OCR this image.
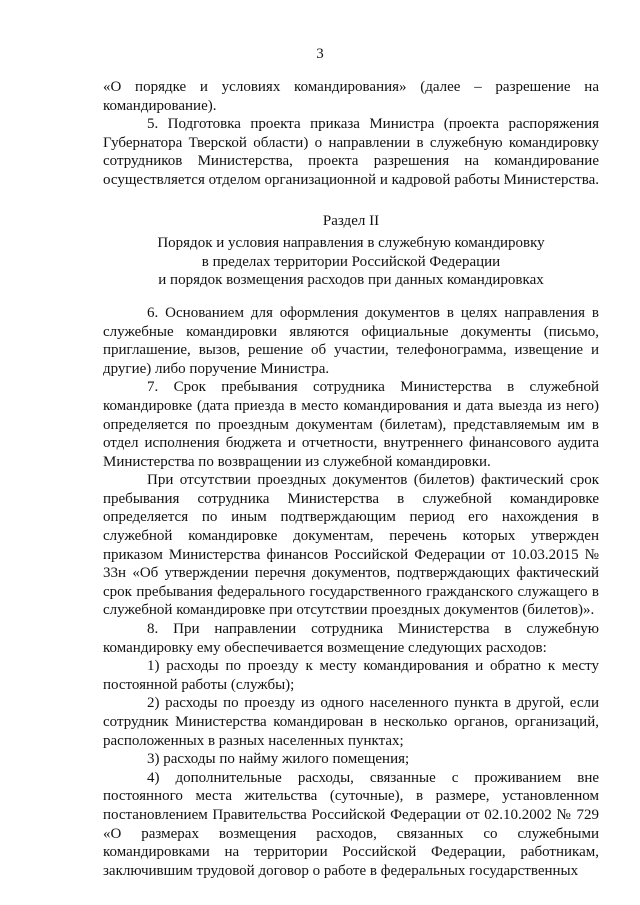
3

«О порядке и условиях командирования» (далее – разрешение на командирование).

5. Подготовка проекта приказа Министра (проекта распоряжения Губернатора Тверской области) о направлении в служебную командировку сотрудников Министерства, проекта разрешения на командирование осуществляется отделом организационной и кадровой работы Министерства.

Раздел II
Порядок и условия направления в служебную командировку
в пределах территории Российской Федерации
и порядок возмещения расходов при данных командировках

6. Основанием для оформления документов в целях направления в служебные командировки являются официальные документы (письмо, приглашение, вызов, решение об участии, телефонограмма, извещение и другие) либо поручение Министра.

7. Срок пребывания сотрудника Министерства в служебной командировке (дата приезда в место командирования и дата выезда из него) определяется по проездным документам (билетам), представляемым им в отдел исполнения бюджета и отчетности, внутреннего финансового аудита Министерства по возвращении из служебной командировки.

При отсутствии проездных документов (билетов) фактический срок пребывания сотрудника Министерства в служебной командировке определяется по иным подтверждающим период его нахождения в служебной командировке документам, перечень которых утвержден приказом Министерства финансов Российской Федерации от 10.03.2015 № 33н «Об утверждении перечня документов, подтверждающих фактический срок пребывания федерального государственного гражданского служащего в служебной командировке при отсутствии проездных документов (билетов)».

8. При направлении сотрудника Министерства в служебную командировку ему обеспечивается возмещение следующих расходов:

1) расходы по проезду к месту командирования и обратно к месту постоянной работы (службы);

2) расходы по проезду из одного населенного пункта в другой, если сотрудник Министерства командирован в несколько органов, организаций, расположенных в разных населенных пунктах;

3) расходы по найму жилого помещения;

4) дополнительные расходы, связанные с проживанием вне постоянного места жительства (суточные), в размере, установленном постановлением Правительства Российской Федерации от 02.10.2002 № 729 «О размерах возмещения расходов, связанных со служебными командировками на территории Российской Федерации, работникам, заключившим трудовой договор о работе в федеральных государственных
